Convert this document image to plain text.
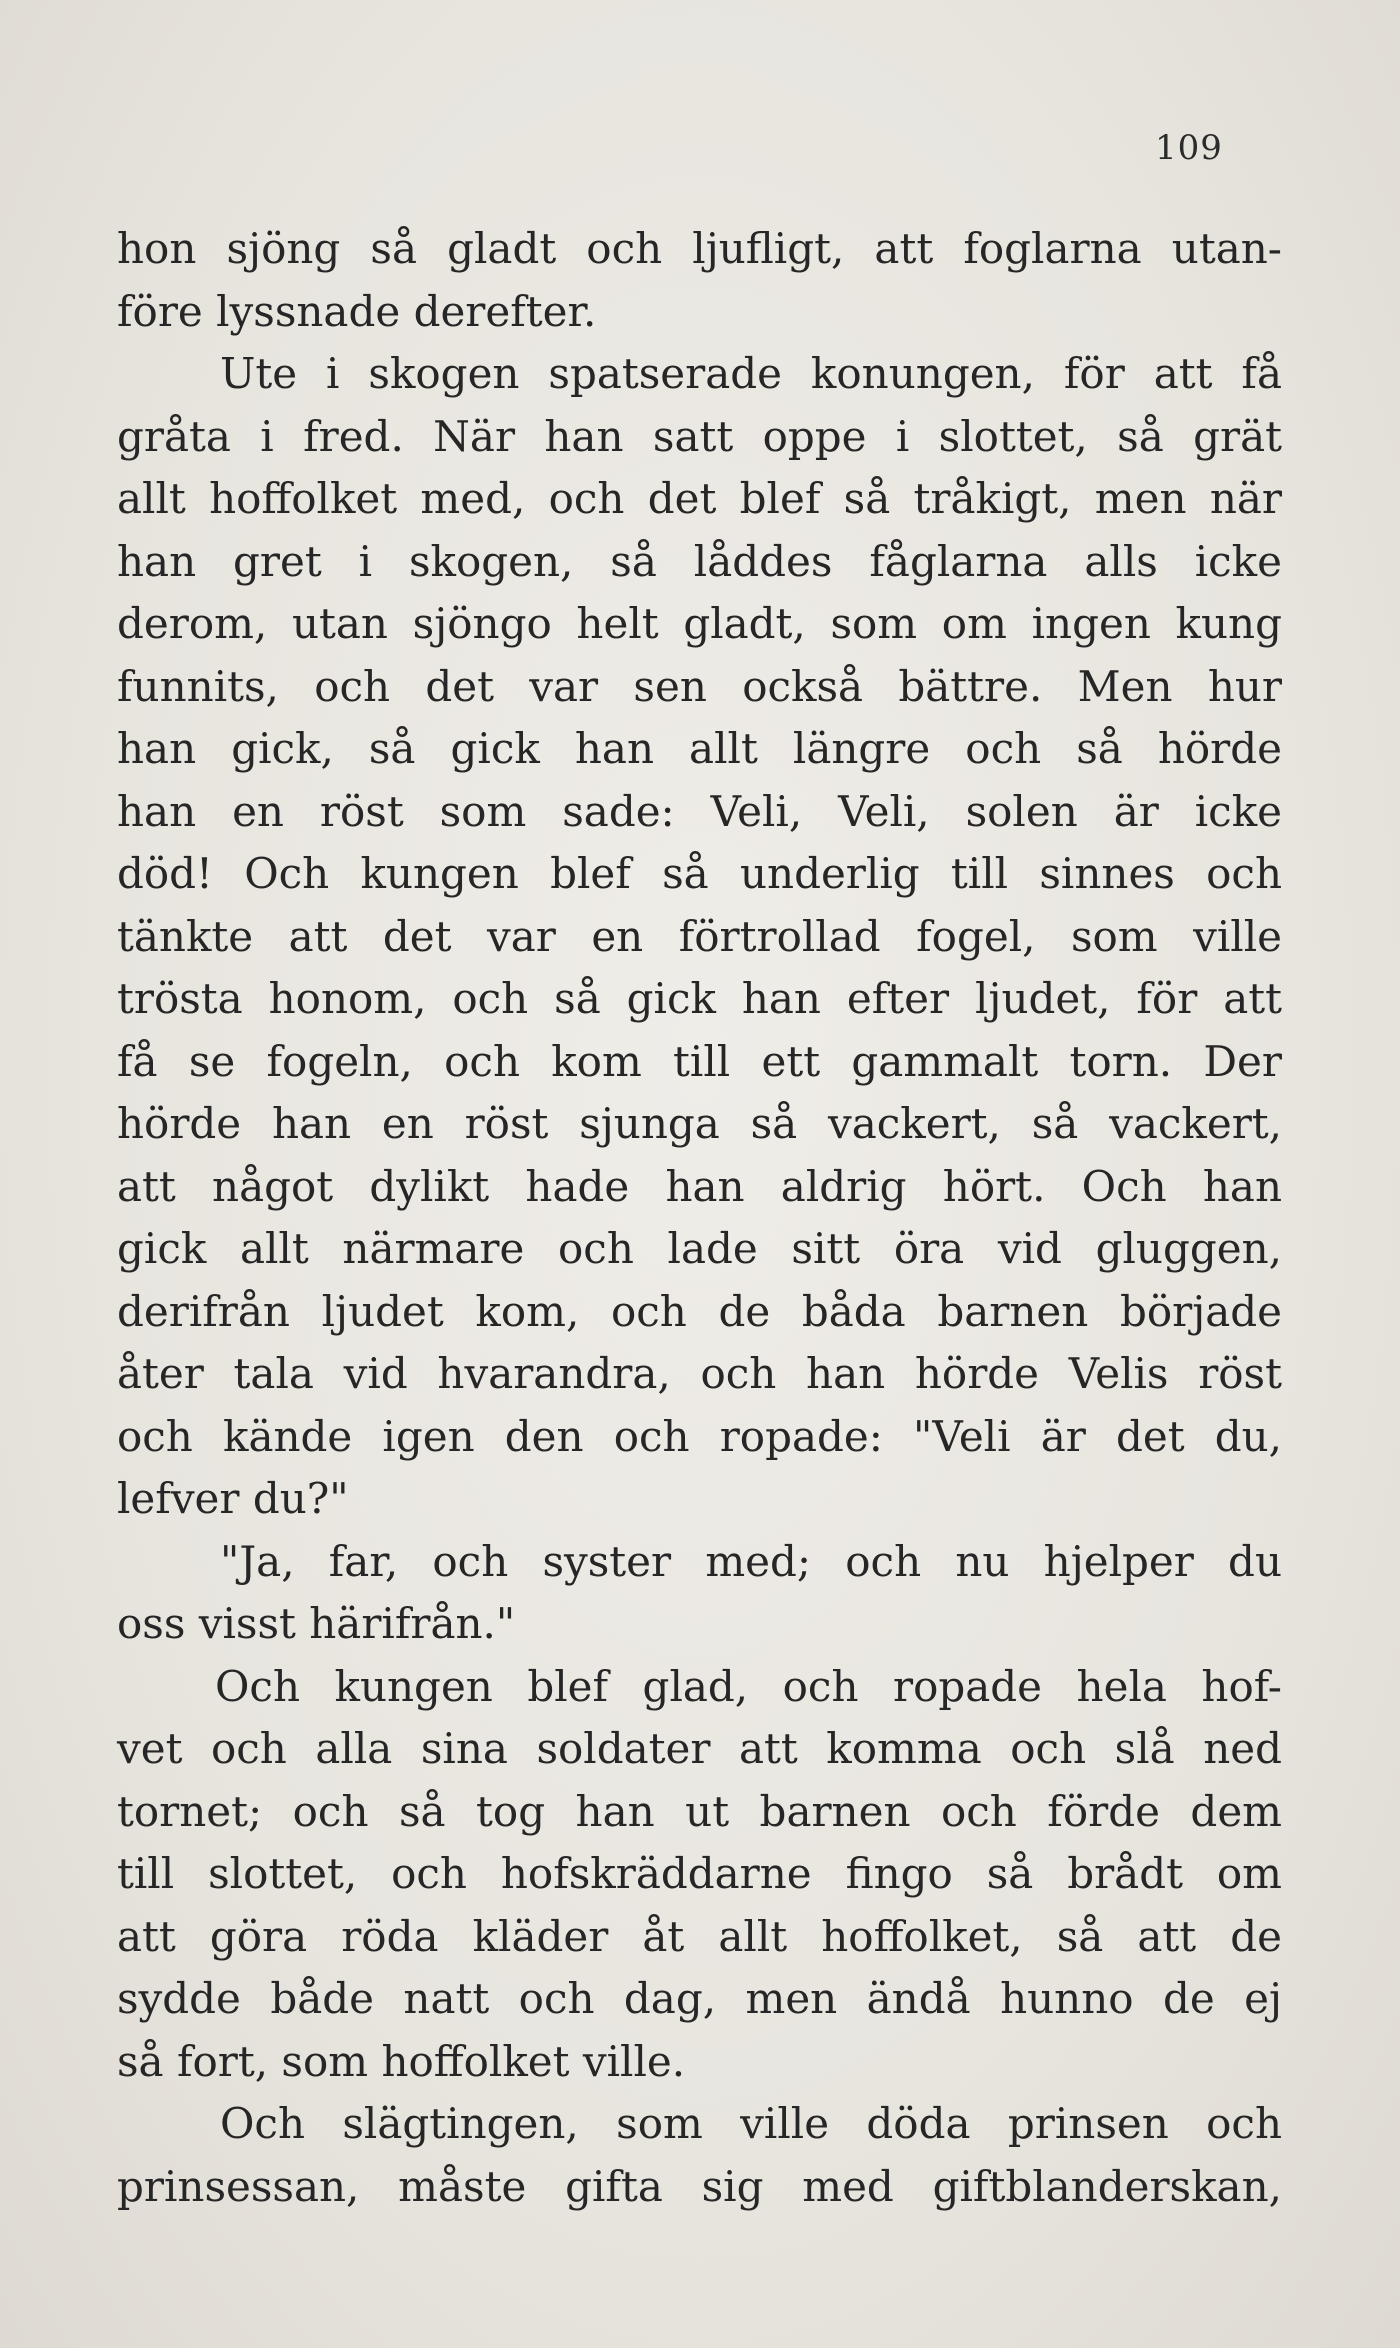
109
hon sjöng så gladt och ljufligt, att foglarna utan-
före lyssnade derefter.
Ute i skogen spatserade konungen, för att få
gråta i fred. När han satt oppe i slottet, så grät
allt hoffolket med, och det blef så tråkigt, men när
han gret i skogen, så låddes fåglarna alls icke
derom, utan sjöngo helt gladt, som om ingen kung
funnits, och det var sen också bättre. Men hur
han gick, så gick han allt längre och så hörde
han en röst som sade: Veli, Veli, solen är icke
död! Och kungen blef så underlig till sinnes och
tänkte att det var en förtrollad fogel, som ville
trösta honom, och så gick han efter ljudet, för att
få se fogeln, och kom till ett gammalt torn. Der
hörde han en röst sjunga så vackert, så vackert,
att något dylikt hade han aldrig hört. Och han
gick allt närmare och lade sitt öra vid gluggen,
derifrån ljudet kom, och de båda barnen började
åter tala vid hvarandra, och han hörde Velis röst
och kände igen den och ropade: "Veli är det du,
lefver du?"
"Ja, far, och syster med; och nu hjelper du
oss visst härifrån."
Och kungen blef glad, och ropade hela hof-
vet och alla sina soldater att komma och slå ned
tornet; och så tog han ut barnen och förde dem
till slottet, och hofskräddarne fingo så brådt om
att göra röda kläder åt allt hoffolket, så att de
sydde både natt och dag, men ändå hunno de ej
så fort, som hoffolket ville.
Och slägtingen, som ville döda prinsen och
prinsessan, måste gifta sig med giftblanderskan,
